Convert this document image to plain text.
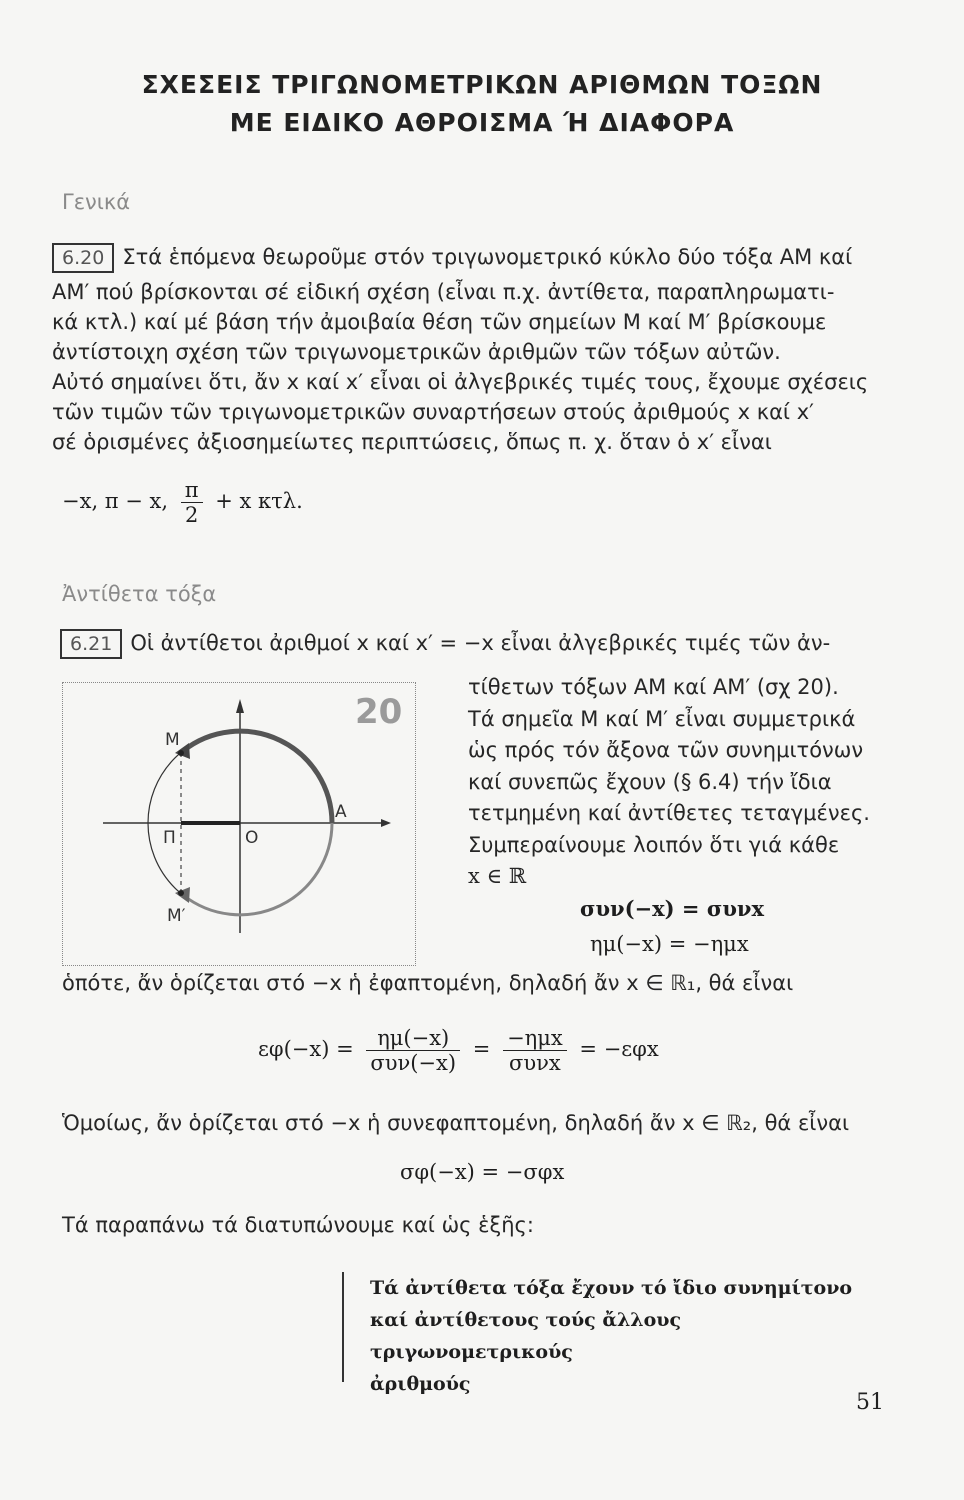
ΣΧΕΣΕΙΣ ΤΡΙΓΩΝΟΜΕΤΡΙΚΩΝ ΑΡΙΘΜΩΝ ΤΟΞΩΝ
ΜΕ ΕΙΔΙΚΟ ΑΘΡΟΙΣΜΑ Ή ΔΙΑΦΟΡΑ
Γενικά
6.20 Στά ἑπόμενα θεωροῦμε στόν τριγωνομετρικό κύκλο δύο τόξα ΑΜ καί
ΑΜ′ πού βρίσκονται σέ εἰδική σχέση (εἶναι π.χ. ἀντίθετα, παραπληρωματι-
κά κτλ.) καί μέ βάση τήν ἀμοιβαία θέση τῶν σημείων Μ καί Μ′ βρίσκουμε
ἀντίστοιχη σχέση τῶν τριγωνομετρικῶν ἀριθμῶν τῶν τόξων αὐτῶν.
Αὐτό σημαίνει ὅτι, ἄν x καί x′ εἶναι οἱ ἀλγεβρικές τιμές τους, ἔχουμε σχέσεις
τῶν τιμῶν τῶν τριγωνομετρικῶν συναρτήσεων στούς ἀριθμούς x καί x′
σέ ὁρισμένες ἀξιοσημείωτες περιπτώσεις, ὅπως π. χ. ὅταν ὁ x′ εἶναι
−x, π − x, $\frac{\pi}{2} + x$ κτλ.
Ἀντίθετα τόξα
6.21 Οἱ ἀντίθετοι ἀριθμοί x καί x′ = −x εἶναι ἀλγεβρικές τιμές τῶν ἀν-
Μ
Μ′
Α
Π	Ο
20
τίθετων τόξων ΑΜ καί ΑΜ′ (σχ 20).
Τά σημεῖα Μ καί Μ′ εἶναι συμμετρικά
ὡς πρός τόν ἄξονα τῶν συνημιτόνων
καί συνεπῶς ἔχουν (§ 6.4) τήν ἴδια
τετμημένη καί ἀντίθετες τεταγμένες.
Συμπεραίνουμε λοιπόν ὅτι γιά κάθε
x ∈ ℝ
συν(−x) = συνx
ημ(−x) = −ημx
ὁπότε, ἄν ὁρίζεται στό −x ἡ ἐφαπτομένη, δηλαδή ἄν x ∈ ℝ₁, θά εἶναι
$\varepsilon\varphi(-x) = \frac{\eta\mu(-x)}{\text{συν(−x)}} = \frac{\text{−ημx}}{\text{συνx}} = -\varepsilon\varphi x$
Ὁμοίως, ἄν ὁρίζεται στό −x ἡ συνεφαπτομένη, δηλαδή ἄν x ∈ ℝ₂, θά εἶναι
σφ(−x) = −σφx
Τά παραπάνω τά διατυπώνουμε καί ὡς ἑξῆς:
Τά ἀντίθετα τόξα ἔχουν τό ἴδιο συνημίτονο
καί ἀντίθετους τούς ἄλλους τριγωνομετρικούς
ἀριθμούς
51
